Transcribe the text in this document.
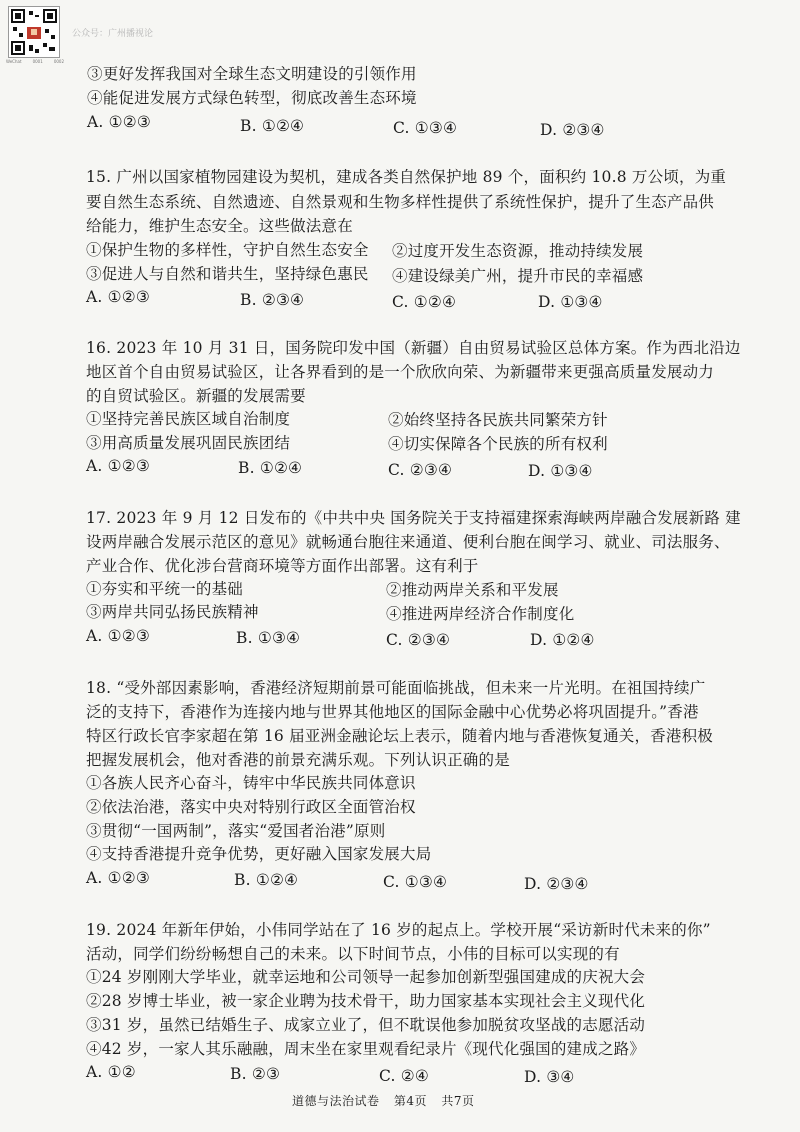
WeChat	0001	0002
公众号：广州播视论
③更好发挥我国对全球生态文明建设的引领作用
④能促进发展方式绿色转型，彻底改善生态环境
A. ①②③	B. ①②④	C. ①③④	D. ②③④
15. 广州以国家植物园建设为契机，建成各类自然保护地 89 个，面积约 10.8 万公顷，为重
要自然生态系统、自然遗迹、自然景观和生物多样性提供了系统性保护，提升了生态产品供
给能力，维护生态安全。这些做法意在
①保护生物的多样性，守护自然生态安全 ②过度开发生态资源，推动持续发展
③促进人与自然和谐共生，坚持绿色惠民 ④建设绿美广州，提升市民的幸福感
A. ①②③	B. ②③④	C. ①②④	D. ①③④
16. 2023 年 10 月 31 日，国务院印发中国（新疆）自由贸易试验区总体方案。作为西北沿边
地区首个自由贸易试验区，让各界看到的是一个欣欣向荣、为新疆带来更强高质量发展动力
的自贸试验区。新疆的发展需要
①坚持完善民族区域自治制度	②始终坚持各民族共同繁荣方针
③用高质量发展巩固民族团结	④切实保障各个民族的所有权利
A. ①②③	B. ①②④	C. ②③④	D. ①③④
17. 2023 年 9 月 12 日发布的《中共中央 国务院关于支持福建探索海峡两岸融合发展新路 建
设两岸融合发展示范区的意见》就畅通台胞往来通道、便利台胞在闽学习、就业、司法服务、
产业合作、优化涉台营商环境等方面作出部署。这有利于
①夯实和平统一的基础	②推动两岸关系和平发展
③两岸共同弘扬民族精神	④推进两岸经济合作制度化
A. ①②③	B. ①③④	C. ②③④	D. ①②④
18. “受外部因素影响，香港经济短期前景可能面临挑战，但未来一片光明。在祖国持续广
泛的支持下，香港作为连接内地与世界其他地区的国际金融中心优势必将巩固提升。”香港
特区行政长官李家超在第 16 届亚洲金融论坛上表示，随着内地与香港恢复通关，香港积极
把握发展机会，他对香港的前景充满乐观。下列认识正确的是
①各族人民齐心奋斗，铸牢中华民族共同体意识
②依法治港，落实中央对特别行政区全面管治权
③贯彻“一国两制”，落实“爱国者治港”原则
④支持香港提升竞争优势，更好融入国家发展大局
A. ①②③	B. ①②④	C. ①③④	D. ②③④
19. 2024 年新年伊始，小伟同学站在了 16 岁的起点上。学校开展“采访新时代未来的你”
活动，同学们纷纷畅想自己的未来。以下时间节点，小伟的目标可以实现的有
①24 岁刚刚大学毕业，就幸运地和公司领导一起参加创新型强国建成的庆祝大会
②28 岁博士毕业，被一家企业聘为技术骨干，助力国家基本实现社会主义现代化
③31 岁，虽然已结婚生子、成家立业了，但不耽误他参加脱贫攻坚战的志愿活动
④42 岁，一家人其乐融融，周末坐在家里观看纪录片《现代化强国的建成之路》
A. ①②	B. ②③	C. ②④	D. ③④
道德与法治试卷 第4页 共7页
